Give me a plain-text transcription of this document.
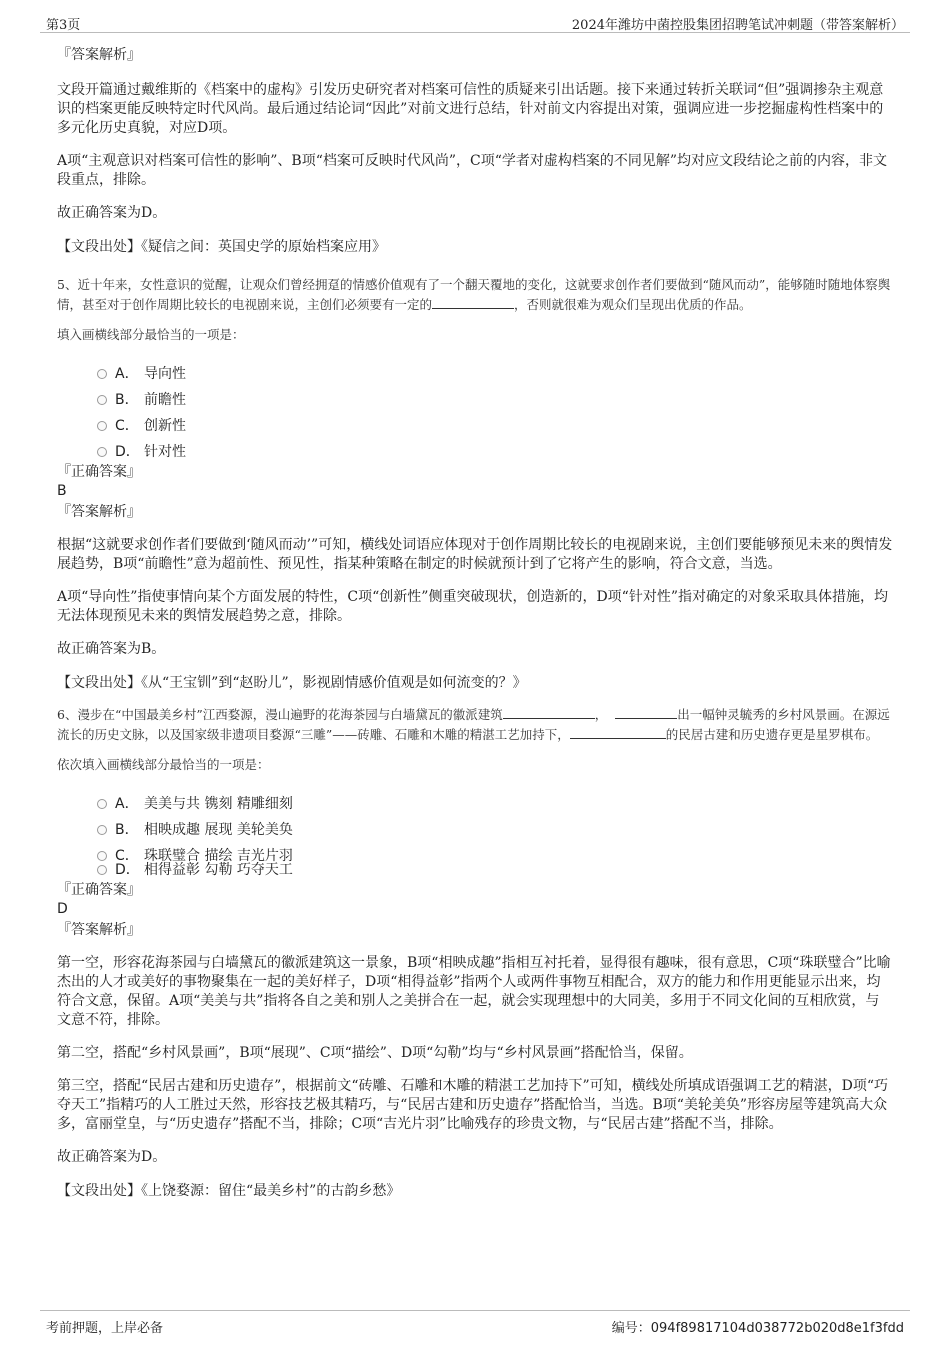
第3页	2024年潍坊中菌控股集团招聘笔试冲刺题（带答案解析）
『答案解析』
文段开篇通过戴维斯的《档案中的虚构》引发历史研究者对档案可信性的质疑来引出话题。接下来通过转折关联词“但”强调掺杂主观意识的档案更能反映特定时代风尚。最后通过结论词“因此”对前文进行总结，针对前文内容提出对策，强调应进一步挖掘虚构性档案中的多元化历史真貌，对应D项。
A项“主观意识对档案可信性的影响”、B项“档案可反映时代风尚”，C项“学者对虚构档案的不同见解”均对应文段结论之前的内容，非文段重点，排除。
故正确答案为D。
【文段出处】《疑信之间：英国史学的原始档案应用》
5、近十年来，女性意识的觉醒，让观众们曾经拥趸的情感价值观有了一个翻天覆地的变化，这就要求创作者们要做到“随风而动”，能够随时随地体察舆情，甚至对于创作周期比较长的电视剧来说，主创们必须要有一定的	，否则就很难为观众们呈现出优质的作品。
填入画横线部分最恰当的一项是：
A． 导向性
B． 前瞻性
C． 创新性
D． 针对性
『正确答案』
B
『答案解析』
根据“这就要求创作者们要做到‘随风而动’”可知，横线处词语应体现对于创作周期比较长的电视剧来说，主创们要能够预见未来的舆情发展趋势，B项“前瞻性”意为超前性、预见性，指某种策略在制定的时候就预计到了它将产生的影响，符合文意，当选。
A项“导向性”指使事情向某个方面发展的特性，C项“创新性”侧重突破现状，创造新的，D项“针对性”指对确定的对象采取具体措施，均无法体现预见未来的舆情发展趋势之意，排除。
故正确答案为B。
【文段出处】《从“王宝钏”到“赵盼儿”，影视剧情感价值观是如何流变的？》
6、漫步在“中国最美乡村”江西婺源，漫山遍野的花海茶园与白墙黛瓦的徽派建筑	，	出一幅钟灵毓秀的乡村风景画。在源远流长的历史文脉，以及国家级非遗项目婺源“三雕”——砖雕、石雕和木雕的精湛工艺加持下，	的民居古建和历史遗存更是星罗棋布。
依次填入画横线部分最恰当的一项是：
A． 美美与共 镌刻 精雕细刻
B． 相映成趣 展现 美轮美奂
C． 珠联璧合 描绘 吉光片羽
D． 相得益彰 勾勒 巧夺天工
『正确答案』
D
『答案解析』
第一空，形容花海茶园与白墙黛瓦的徽派建筑这一景象，B项“相映成趣”指相互衬托着，显得很有趣味，很有意思，C项“珠联璧合”比喻杰出的人才或美好的事物聚集在一起的美好样子，D项“相得益彰”指两个人或两件事物互相配合，双方的能力和作用更能显示出来，均符合文意，保留。A项“美美与共”指将各自之美和别人之美拼合在一起，就会实现理想中的大同美，多用于不同文化间的互相欣赏，与文意不符，排除。
第二空，搭配“乡村风景画”，B项“展现”、C项“描绘”、D项“勾勒”均与“乡村风景画”搭配恰当，保留。
第三空，搭配“民居古建和历史遗存”，根据前文“砖雕、石雕和木雕的精湛工艺加持下”可知，横线处所填成语强调工艺的精湛，D项“巧夺天工”指精巧的人工胜过天然，形容技艺极其精巧，与“民居古建和历史遗存”搭配恰当，当选。B项“美轮美奂”形容房屋等建筑高大众多，富丽堂皇，与“历史遗存”搭配不当，排除；C项“吉光片羽”比喻残存的珍贵文物，与“民居古建”搭配不当，排除。
故正确答案为D。
【文段出处】《上饶婺源：留住“最美乡村”的古韵乡愁》
考前押题，上岸必备	编号：094f89817104d038772b020d8e1f3fdd
